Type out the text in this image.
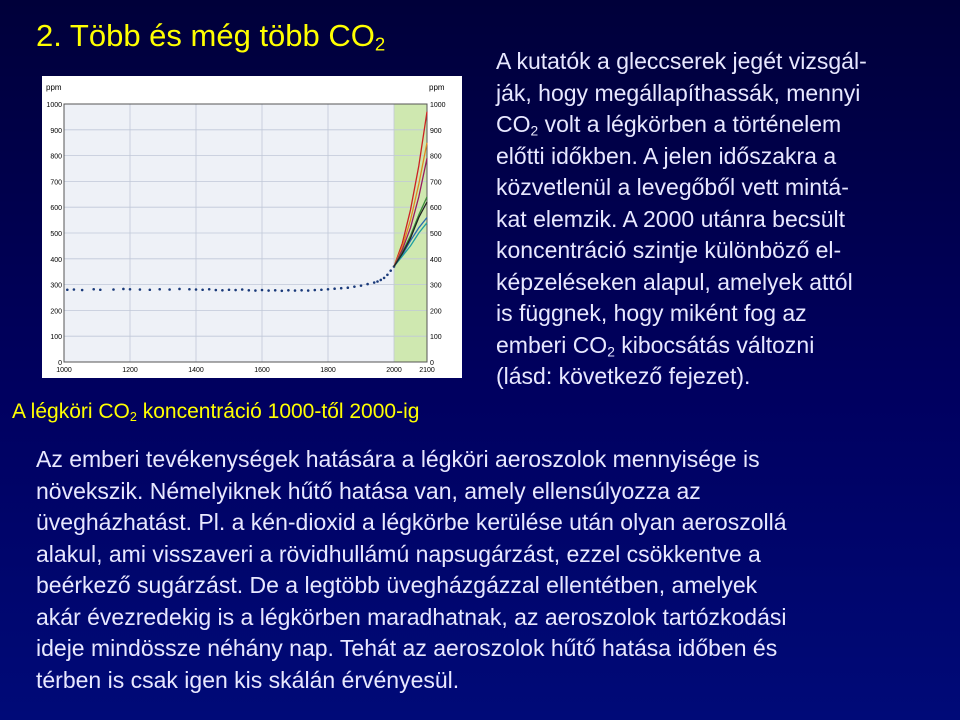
2. Több és még több $CO_2$
0	0
100	100
200	200
300	300
400	400
500	500
600	600
700	700
800	800
900	900
1000	1000
1000	1200	1400	1600	1800	2000 2100
ppm	ppm
A légköri $CO_2$ koncentráció 1000-től 2000-ig
A kutatók a gleccserek jegét vizsgál-
ják, hogy megállapíthassák, mennyi
$CO_2$ volt a légkörben a történelem
előtti időkben. A jelen időszakra a
közvetlenül a levegőből vett mintá-
kat elemzik. A 2000 utánra becsült
koncentráció szintje különböző el-
képzeléseken alapul, amelyek attól
is függnek, hogy miként fog az
emberi $CO_2$ kibocsátás változni
(lásd: következő fejezet).
Az emberi tevékenységek hatására a légköri aeroszolok mennyisége is
növekszik. Némelyiknek hűtő hatása van, amely ellensúlyozza az
üvegházhatást. Pl. a kén-dioxid a légkörbe kerülése után olyan aeroszollá
alakul, ami visszaveri a rövidhullámú napsugárzást, ezzel csökkentve a
beérkező sugárzást. De a legtöbb üvegházgázzal ellentétben, amelyek
akár évezredekig is a légkörben maradhatnak, az aeroszolok tartózkodási
ideje mindössze néhány nap. Tehát az aeroszolok hűtő hatása időben és
térben is csak igen kis skálán érvényesül.
